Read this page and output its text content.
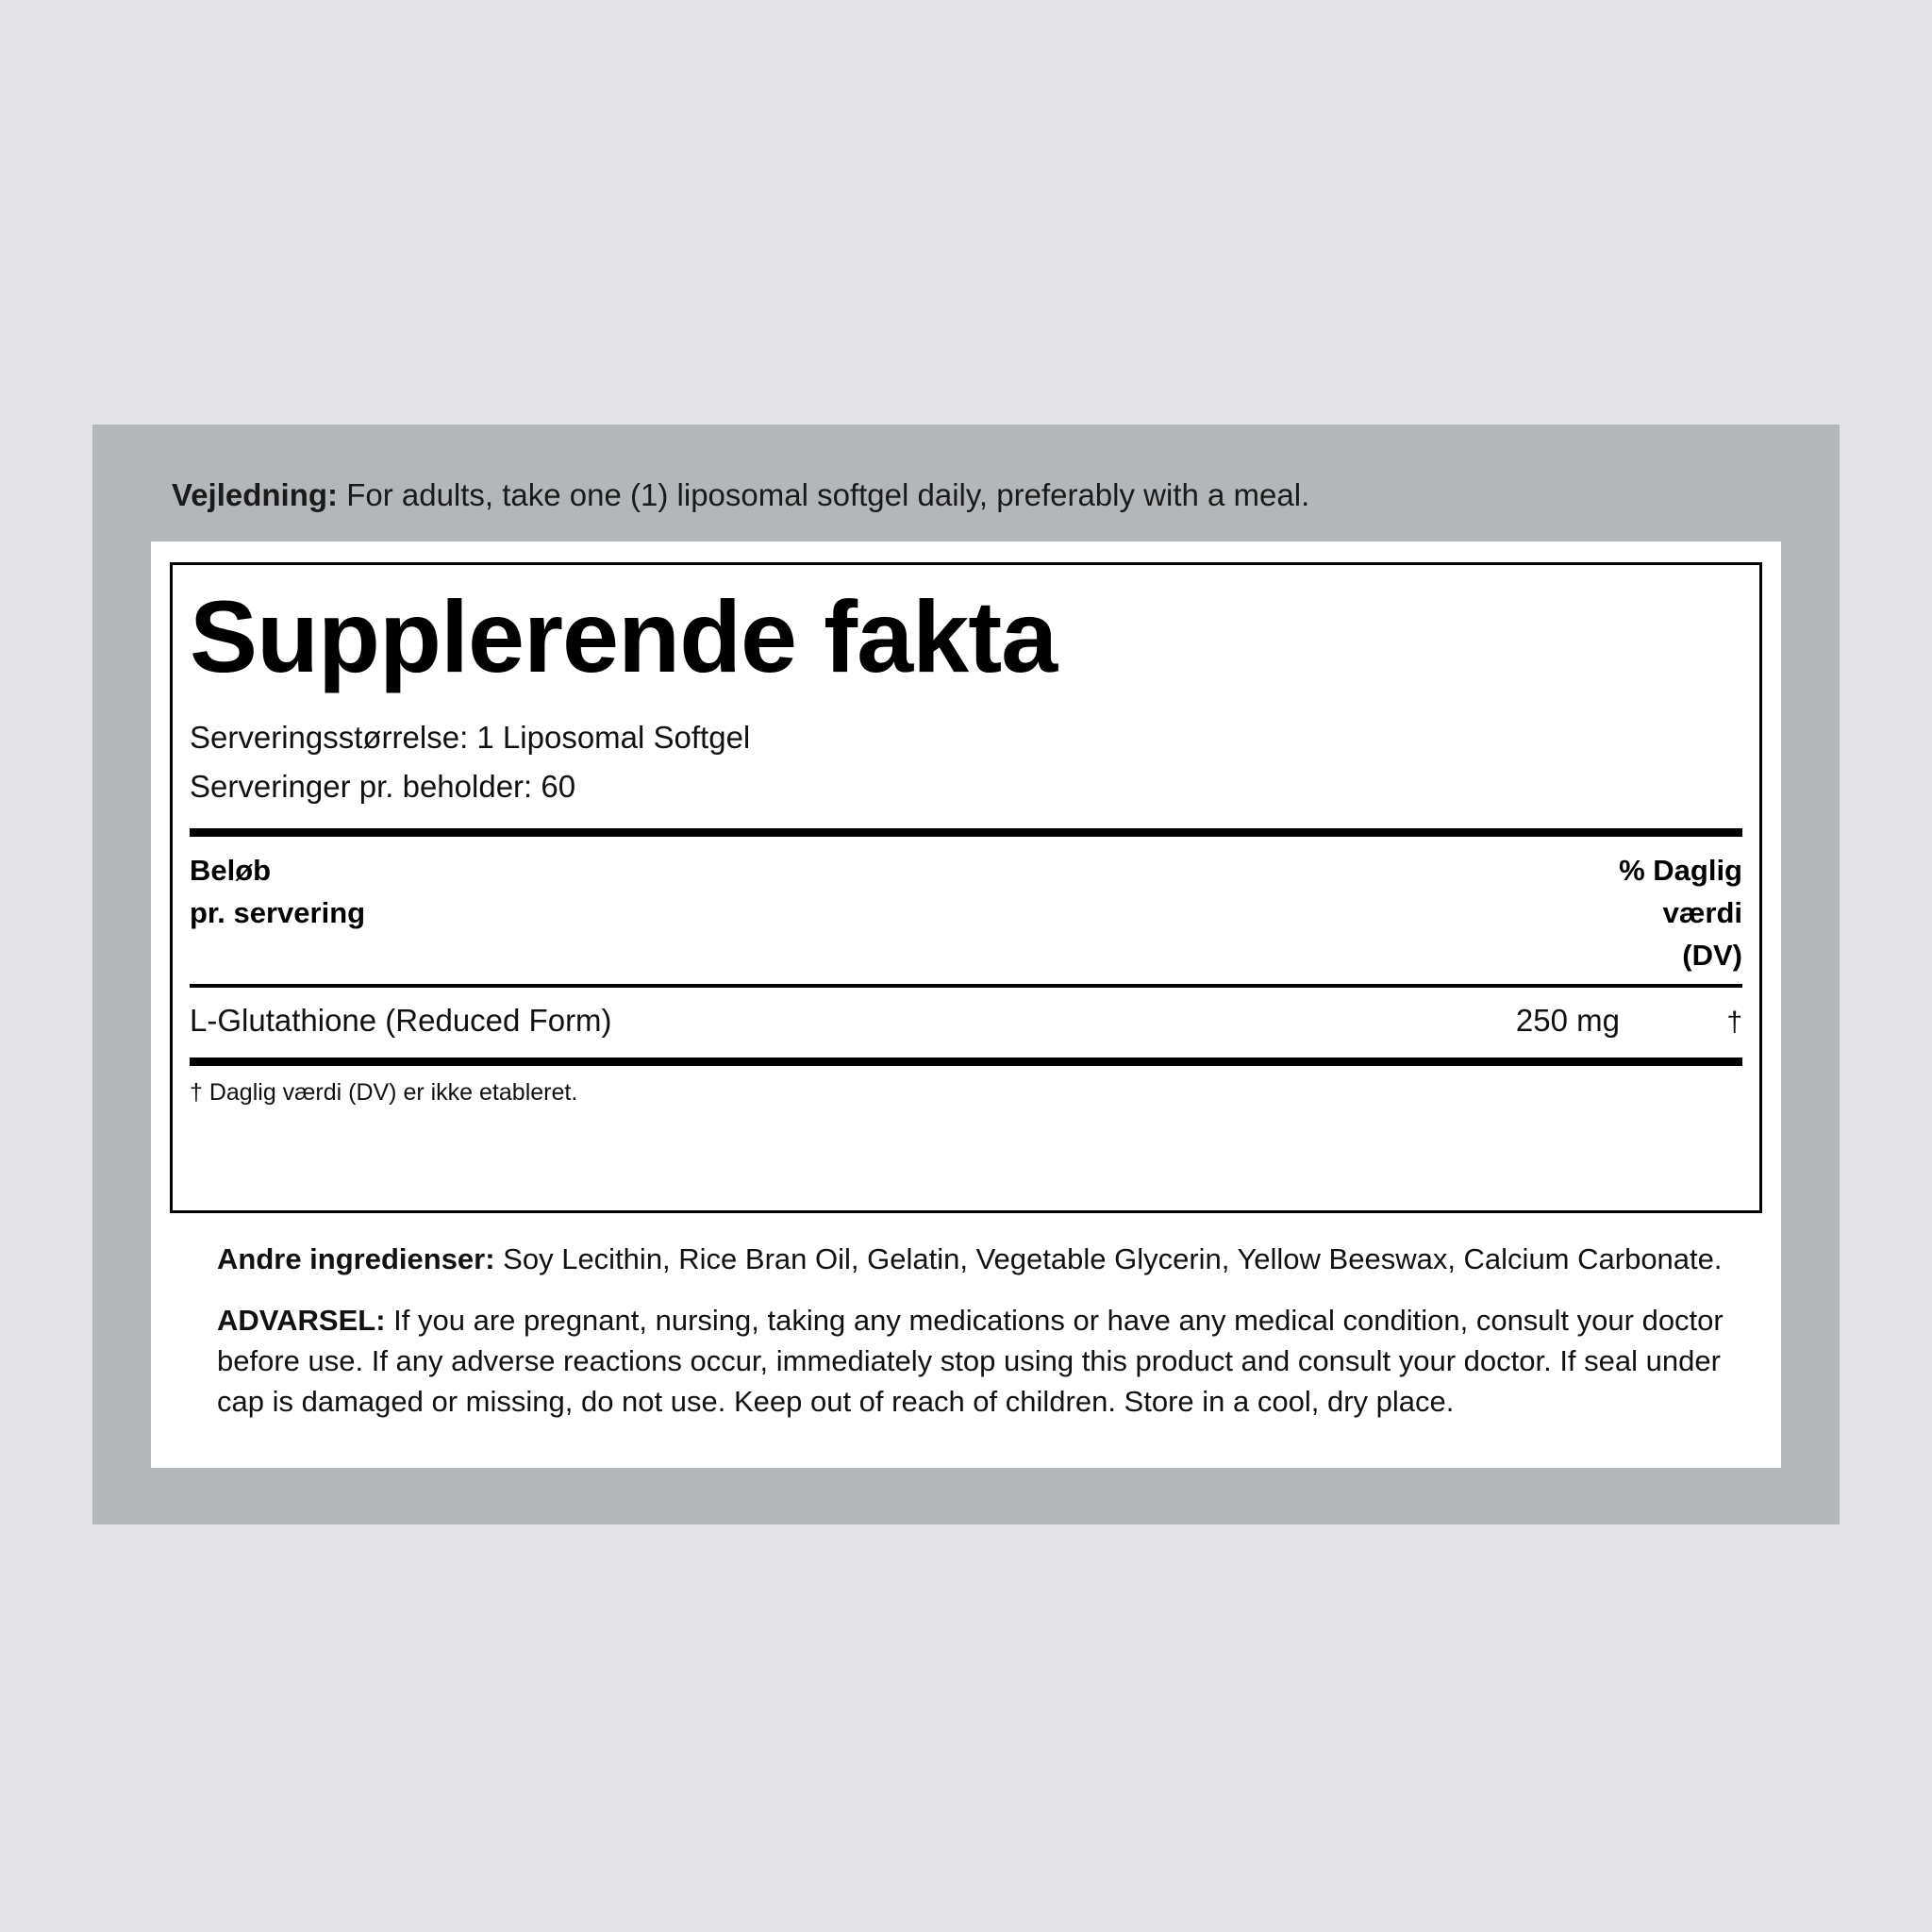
Vejledning: For adults, take one (1) liposomal softgel daily, preferably with a meal.
Supplerende fakta
Serveringsstørrelse: 1 Liposomal Softgel
Serveringer pr. beholder: 60
Beløb
pr. servering
% Daglig
værdi
(DV)
L-Glutathione (Reduced Form)	250 mg	†
† Daglig værdi (DV) er ikke etableret.
Andre ingredienser: Soy Lecithin, Rice Bran Oil, Gelatin, Vegetable Glycerin, Yellow Beeswax, Calcium Carbonate.
ADVARSEL: If you are pregnant, nursing, taking any medications or have any medical condition, consult your doctor before use. If any adverse reactions occur, immediately stop using this product and consult your doctor. If seal under cap is damaged or missing, do not use. Keep out of reach of children. Store in a cool, dry place.
